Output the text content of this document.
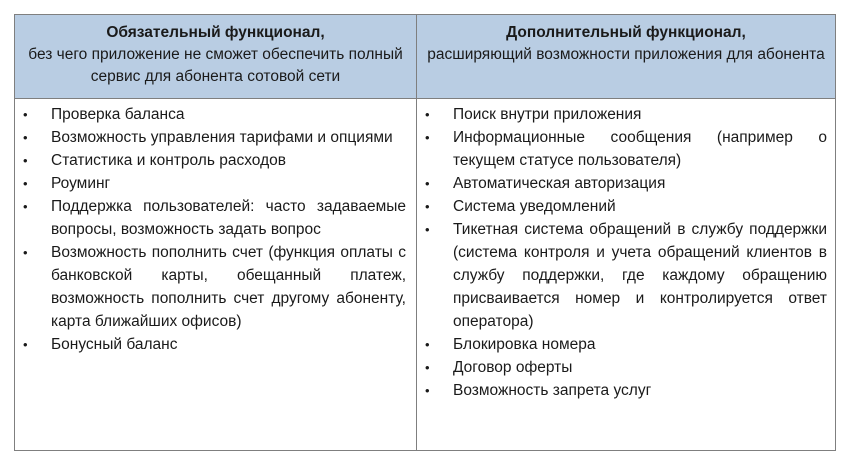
Обязательный функционал,
без чего приложение не сможет обеспечить полный сервис для абонента сотовой сети
Дополнительный функционал,
расширяющий возможности приложения для абонента
• Проверка баланса
• Возможность управления тарифами и опциями
• Статистика и контроль расходов
• Роуминг
• Поддержка пользователей: часто задаваемые вопросы, возможность задать вопрос
• Возможность пополнить счет (функция оплаты с банковской карты, обещанный платеж, возможность пополнить счет другому абоненту, карта ближайших офисов)
• Бонусный баланс
• Поиск внутри приложения
• Информационные сообщения (например о текущем статусе пользователя)
• Автоматическая авторизация
• Система уведомлений
• Тикетная система обращений в службу поддержки (система контроля и учета обращений клиентов в службу поддержки, где каждому обращению присваивается номер и контролируется ответ оператора)
• Блокировка номера
• Договор оферты
• Возможность запрета услуг
